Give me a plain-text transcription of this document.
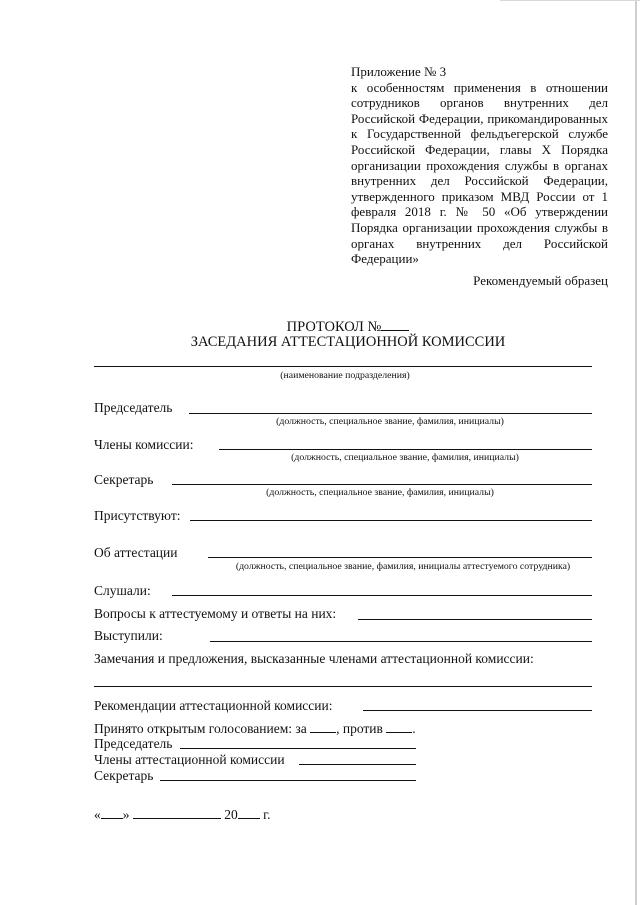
Приложение № 3
к особенностям применения в отношении сотрудников органов внутренних дел Российской Федерации, прикомандированных к Государственной фельдъегерской службе Российской Федерации, главы X Порядка организации прохождения службы в органах внутренних дел Российской Федерации, утвержденного приказом МВД России от 1 февраля 2018 г. № 50 «Об утверждении Порядка организации прохождения службы в органах внутренних дел Российской Федерации»
Рекомендуемый образец
ПРОТОКОЛ №
ЗАСЕДАНИЯ АТТЕСТАЦИОННОЙ КОМИССИИ
(наименование подразделения)
Председатель
(должность, специальное звание, фамилия, инициалы)
Члены комиссии:
(должность, специальное звание, фамилия, инициалы)
Секретарь
(должность, специальное звание, фамилия, инициалы)
Присутствуют:
Об аттестации
(должность, специальное звание, фамилия, инициалы аттестуемого сотрудника)
Слушали:
Вопросы к аттестуемому и ответы на них:
Выступили:
Замечания и предложения, высказанные членами аттестационной комиссии:
Рекомендации аттестационной комиссии:
Принято открытым голосованием: за , против .
Председатель
Члены аттестационной комиссии
Секретарь
« »	20 г.
